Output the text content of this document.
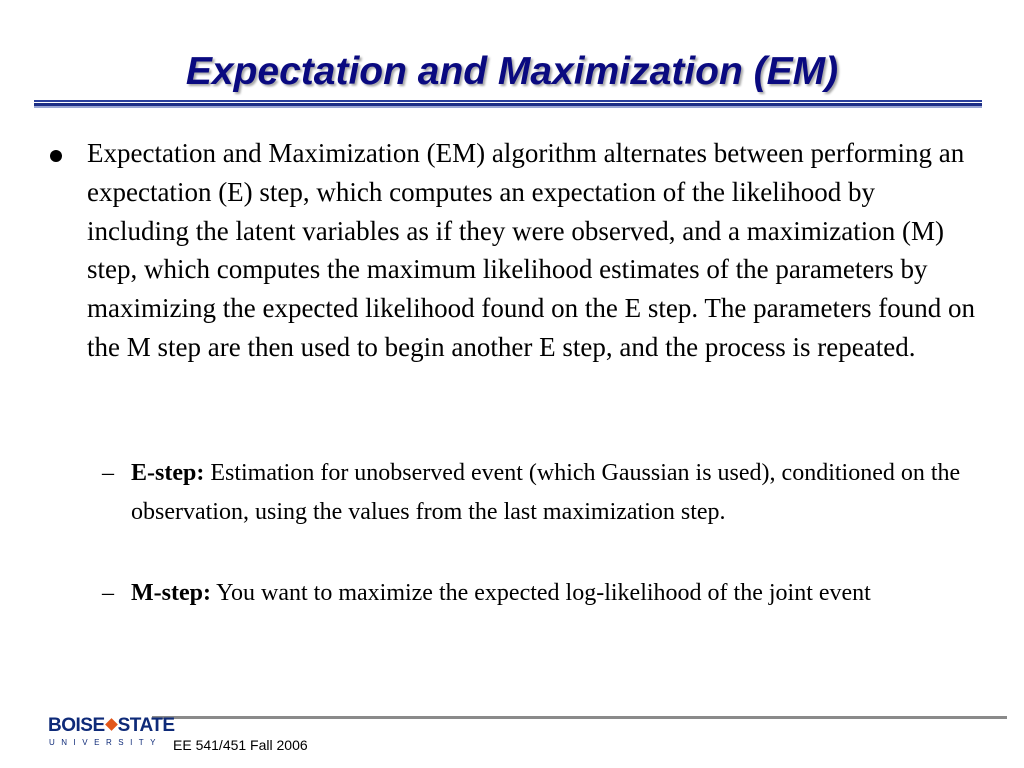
Expectation and Maximization (EM)

Expectation and Maximization (EM) algorithm alternates between performing an expectation (E) step, which computes an expectation of the likelihood by including the latent variables as if they were observed, and a maximization (M) step, which computes the maximum likelihood estimates of the parameters by maximizing the expected likelihood found on the E step. The parameters found on the M step are then used to begin another E step, and the process is repeated.

– E-step: Estimation for unobserved event (which Gaussian is used), conditioned on the observation, using the values from the last maximization step.

– M-step: You want to maximize the expected log-likelihood of the joint event

BOISE STATE
UNIVERSITY EE 541/451 Fall 2006
